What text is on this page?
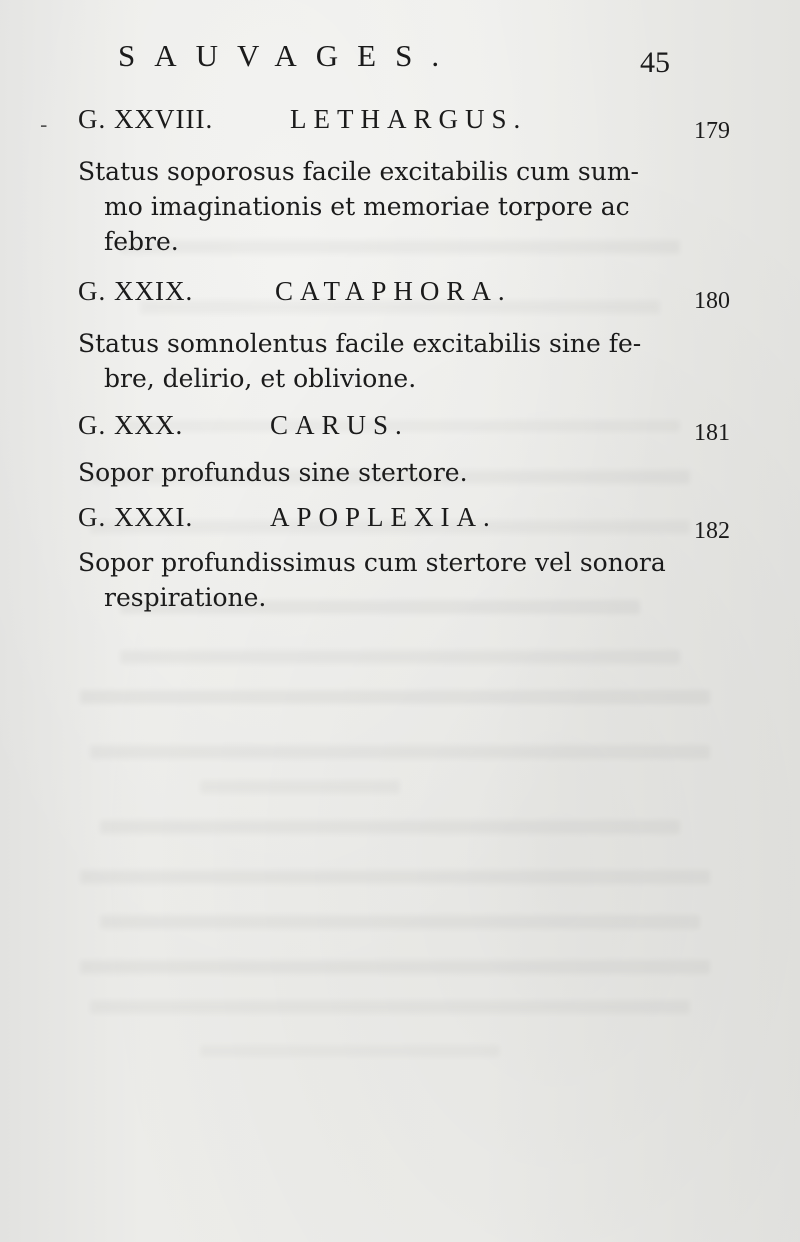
SAUVAGES.	45
- G. XXVIII.	LETHARGUS.	179
Status soporosus facile excitabilis cum sum-
mo imaginationis et memoriae torpore ac
febre.
G. XXIX.	CATAPHORA.	180
Status somnolentus facile excitabilis sine fe-
bre, delirio, et oblivione.
G. XXX.	CARUS.	181
Sopor profundus sine stertore.
G. XXXI.	APOPLEXIA.	182
Sopor profundissimus cum stertore vel sonora
respiratione.
